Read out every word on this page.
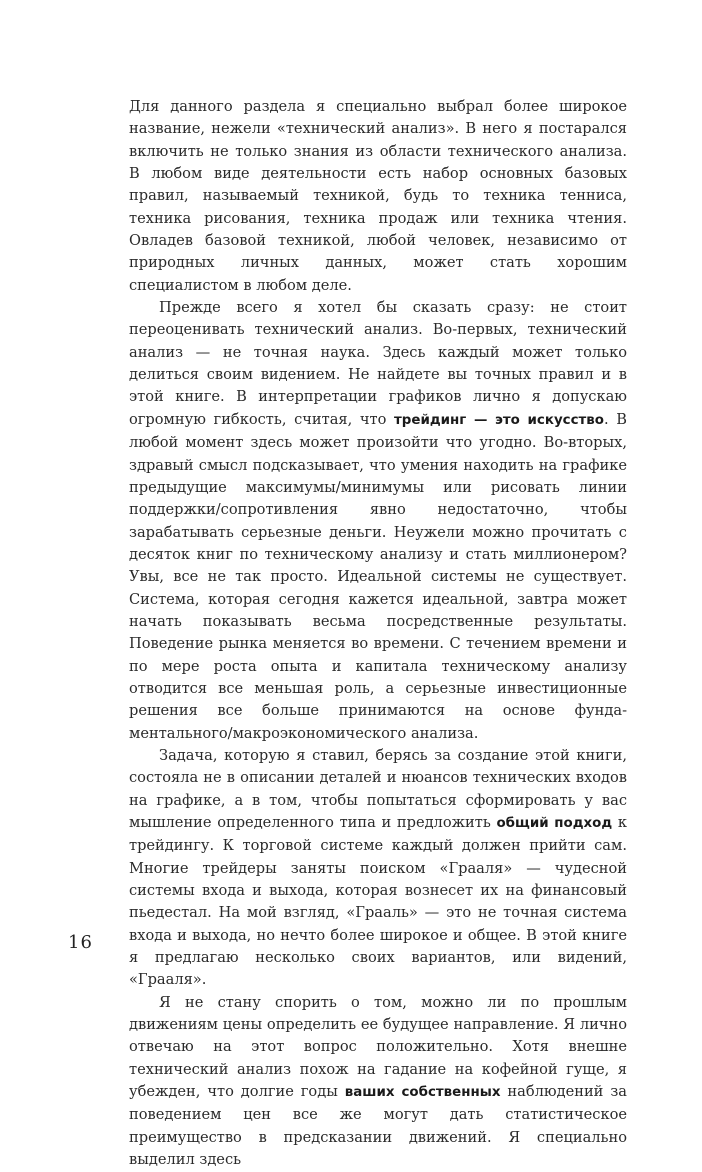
Для данного раздела я специально выбрал более широкое название, нежели «технический анализ». В него я постарался включить не только знания из области технического анализа. В любом виде деятельности есть набор основных базовых правил, называемый техникой, будь то техника тенниса, техника рисования, техника продаж или техника чтения. Овладев базовой техникой, любой человек, независимо от природных личных данных, может стать хорошим специалистом в любом деле.

Прежде всего я хотел бы сказать сразу: не стоит переоценивать технический анализ. Во-первых, технический анализ — не точная наука. Здесь каждый может только делиться своим видением. Не найдете вы точных правил и в этой книге. В интерпретации графиков лично я допускаю огромную гибкость, считая, что трейдинг — это искусство. В любой момент здесь может произойти что угодно. Во-вторых, здравый смысл подсказывает, что умения находить на графике предыдущие максимумы/минимумы или рисовать линии поддержки/сопротивления явно недостаточно, чтобы зарабатывать серьезные деньги. Неужели можно прочитать с десяток книг по техническому анализу и стать миллионером? Увы, все не так просто. Идеальной системы не существует. Система, которая сегодня кажется идеальной, завтра может начать показывать весьма посредственные результаты. Поведение рынка меняется во времени. С течением времени и по мере роста опыта и капитала техническому анализу отводится все меньшая роль, а серьезные инвестиционные решения все больше принимаются на основе фундаментального/макроэкономического анализа.

Задача, которую я ставил, берясь за создание этой книги, состояла не в описании деталей и нюансов технических входов на графике, а в том, чтобы попытаться сформировать у вас мышление определенного типа и предложить общий подход к трейдингу. К торговой системе каждый должен прийти сам. Многие трейдеры заняты поиском «Грааля» — чудесной системы входа и выхода, которая вознесет их на финансовый пьедестал. На мой взгляд, «Грааль» — это не точная система входа и выхода, но нечто более широкое и общее. В этой книге я предлагаю несколько своих вариантов, или видений, «Грааля».

Я не стану спорить о том, можно ли по прошлым движениям цены определить ее будущее направление. Я лично отвечаю на этот вопрос положительно. Хотя внешне технический анализ похож на гадание на кофейной гуще, я убежден, что долгие годы ваших собственных наблюдений за поведением цен все же могут дать статистическое преимущество в предсказании движений. Я специально выделил здесь

16
